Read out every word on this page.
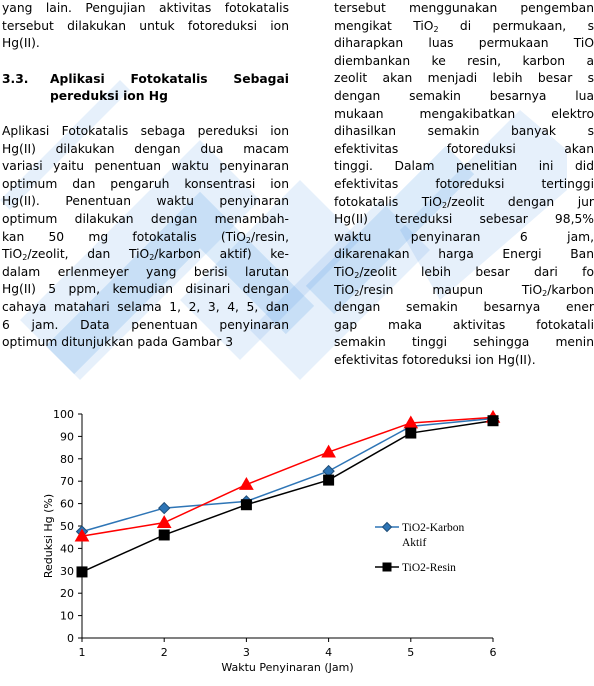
yang lain. Pengujian aktivitas fotokatalis tersebut dilakukan untuk fotoreduksi ion Hg(II).

3.3.	Aplikasi Fotokatalis Sebagai pereduksi ion Hg

Aplikasi Fotokatalis sebaga pereduksi ion
Hg(II) dilakukan dengan dua macam
variasi yaitu penentuan waktu penyinaran
optimum dan pengaruh konsentrasi ion
Hg(II). Penentuan waktu penyinaran
optimum dilakukan dengan menambah-
kan 50 mg fotokatalis (TiO$_2$/resin,
TiO$_2$/zeolit, dan TiO$_2$/karbon aktif) ke-
dalam erlenmeyer yang berisi larutan
Hg(II) 5 ppm, kemudian disinari dengan
cahaya matahari selama 1, 2, 3, 4, 5, dan
6 jam. Data penentuan penyinaran
optimum ditunjukkan pada Gambar 3
tersebut menggunakan pengemban
mengikat TiO$_2$ di permukaan, s
diharapkan luas permukaan TiO
diembankan ke resin, karbon a
zeolit akan menjadi lebih besar s
dengan semakin besarnya lua
mukaan mengakibatkan elektro
dihasilkan semakin banyak s
efektivitas fotoreduksi akan
tinggi. Dalam penelitian ini did
efektivitas fotoreduksi tertinggi
fotokatalis TiO$_2$/zeolit dengan jur
Hg(II) tereduksi sebesar 98,5%
waktu penyinaran 6 jam,
dikarenakan harga Energi Ban
TiO$_2$/zeolit lebih besar dari fo
TiO$_2$/resin maupun TiO$_2$/karbon
dengan semakin besarnya ener
gap maka aktivitas fotokatali
semakin tinggi sehingga menin
efektivitas fotoreduksi ion Hg(II).
0
10
20
30
40
50
60
70
80
90
100
1	2	3	4	5	6
TiO2-Karbon
Aktif
TiO2-Resin
Waktu Penyinaran (Jam)
Reduksi Hg (%)
